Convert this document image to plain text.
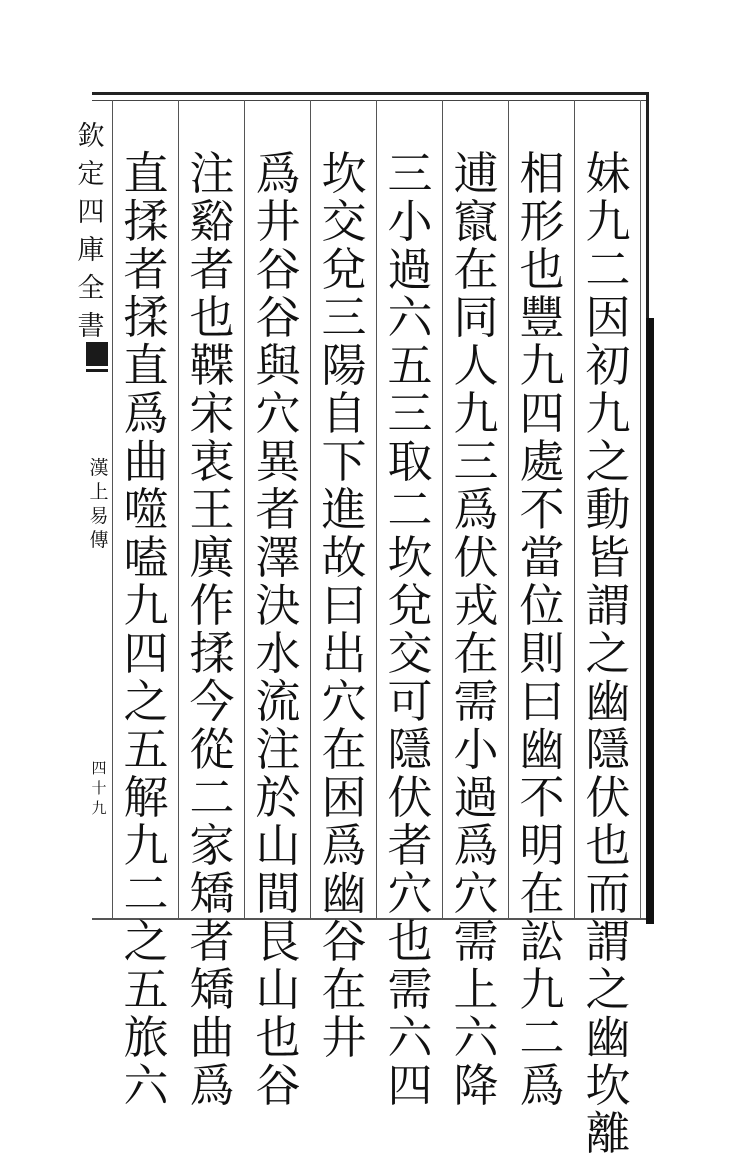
欽
定
四
庫
全
書
漢
上
易
傳
四
十
九
妹
九
二
因
初
九
之
動
皆
謂
之
幽
隱
伏
也
而
謂
之
幽
坎
離
相
形
也
豐
九
四
處
不
當
位
則
曰
幽
不
明
在
訟
九
二
爲
逋
竄
在
同
人
九
三
爲
伏
戎
在
需
小
過
爲
穴
需
上
六
降
三
小
過
六
五
三
取
二
坎
兌
交
可
隱
伏
者
穴
也
需
六
四
坎
交
兌
三
陽
自
下
進
故
曰
出
穴
在
困
爲
幽
谷
在
井
爲
井
谷
谷
與
穴
異
者
澤
決
水
流
注
於
山
間
艮
山
也
谷
注
谿
者
也
鞢
宋
衷
王
廙
作
揉
今
從
二
家
矯
者
矯
曲
爲
直
揉
者
揉
直
爲
曲
噬
嗑
九
四
之
五
解
九
二
之
五
旅
六
